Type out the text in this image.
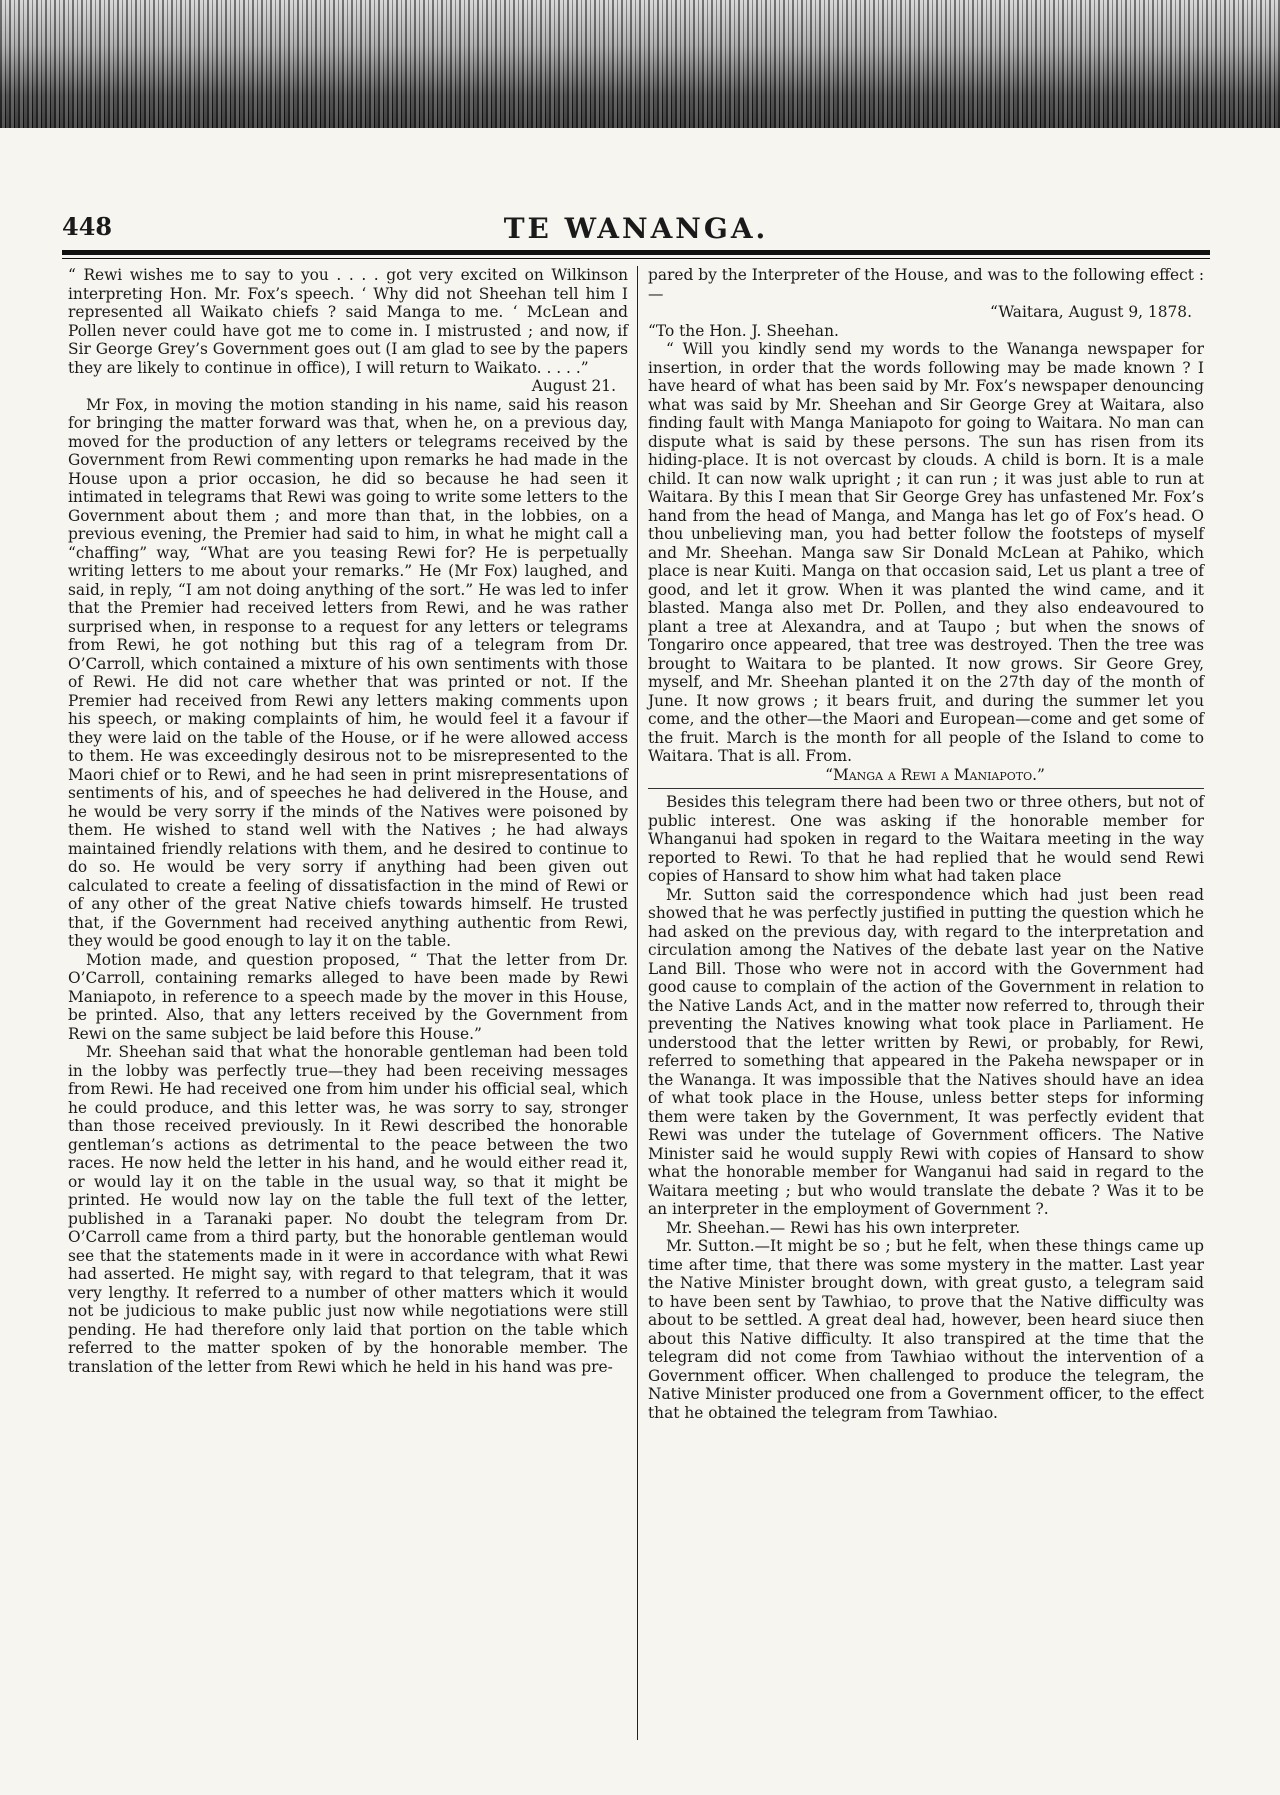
448	TE WANANGA.

“ Rewi wishes me to say to you . . . . got very excited on Wilkinson interpreting Hon. Mr. Fox’s speech. ‘ Why did not Sheehan tell him I represented all Waikato chiefs ? said Manga to me. ‘ McLean and Pollen never could have got me to come in. I mistrusted ; and now, if Sir George Grey’s Government goes out (I am glad to see by the papers they are likely to continue in office), I will return to Waikato. . . . .”

August 21.

Mr Fox, in moving the motion standing in his name, said his reason for bringing the matter forward was that, when he, on a previous day, moved for the production of any letters or telegrams received by the Government from Rewi commenting upon remarks he had made in the House upon a prior occasion, he did so because he had seen it intimated in telegrams that Rewi was going to write some letters to the Government about them ; and more than that, in the lobbies, on a previous evening, the Premier had said to him, in what he might call a “chaffing” way, “What are you teasing Rewi for? He is perpetually writing letters to me about your remarks.” He (Mr Fox) laughed, and said, in reply, “I am not doing anything of the sort.” He was led to infer that the Premier had received letters from Rewi, and he was rather surprised when, in response to a request for any letters or telegrams from Rewi, he got nothing but this rag of a telegram from Dr. O’Carroll, which contained a mixture of his own sentiments with those of Rewi. He did not care whether that was printed or not. If the Premier had received from Rewi any letters making comments upon his speech, or making complaints of him, he would feel it a favour if they were laid on the table of the House, or if he were allowed access to them. He was exceedingly desirous not to be misrepresented to the Maori chief or to Rewi, and he had seen in print misrepresentations of sentiments of his, and of speeches he had delivered in the House, and he would be very sorry if the minds of the Natives were poisoned by them. He wished to stand well with the Natives ; he had always maintained friendly relations with them, and he desired to continue to do so. He would be very sorry if anything had been given out calculated to create a feeling of dissatisfaction in the mind of Rewi or of any other of the great Native chiefs towards himself. He trusted that, if the Government had received anything authentic from Rewi, they would be good enough to lay it on the table.

Motion made, and question proposed, “ That the letter from Dr. O’Carroll, containing remarks alleged to have been made by Rewi Maniapoto, in reference to a speech made by the mover in this House, be printed. Also, that any letters received by the Government from Rewi on the same subject be laid before this House.”

Mr. Sheehan said that what the honorable gentleman had been told in the lobby was perfectly true—they had been receiving messages from Rewi. He had received one from him under his official seal, which he could produce, and this letter was, he was sorry to say, stronger than those received previously. In it Rewi described the honorable gentleman’s actions as detrimental to the peace between the two races. He now held the letter in his hand, and he would either read it, or would lay it on the table in the usual way, so that it might be printed. He would now lay on the table the full text of the letter, published in a Taranaki paper. No doubt the telegram from Dr. O’Carroll came from a third party, but the honorable gentleman would see that the statements made in it were in accordance with what Rewi had asserted. He might say, with regard to that telegram, that it was very lengthy. It referred to a number of other matters which it would not be judicious to make public just now while negotiations were still pending. He had therefore only laid that portion on the table which referred to the matter spoken of by the honorable member. The translation of the letter from Rewi which he held in his hand was pre-

pared by the Interpreter of the House, and was to the following effect :—

“Waitara, August 9, 1878.

“To the Hon. J. Sheehan.

“ Will you kindly send my words to the Wananga newspaper for insertion, in order that the words following may be made known ? I have heard of what has been said by Mr. Fox’s newspaper denouncing what was said by Mr. Sheehan and Sir George Grey at Waitara, also finding fault with Manga Maniapoto for going to Waitara. No man can dispute what is said by these persons. The sun has risen from its hiding-place. It is not overcast by clouds. A child is born. It is a male child. It can now walk upright ; it can run ; it was just able to run at Waitara. By this I mean that Sir George Grey has unfastened Mr. Fox’s hand from the head of Manga, and Manga has let go of Fox’s head. O thou unbelieving man, you had better follow the footsteps of myself and Mr. Sheehan. Manga saw Sir Donald McLean at Pahiko, which place is near Kuiti. Manga on that occasion said, Let us plant a tree of good, and let it grow. When it was planted the wind came, and it blasted. Manga also met Dr. Pollen, and they also endeavoured to plant a tree at Alexandra, and at Taupo ; but when the snows of Tongariro once appeared, that tree was destroyed. Then the tree was brought to Waitara to be planted. It now grows. Sir Geore Grey, myself, and Mr. Sheehan planted it on the 27th day of the month of June. It now grows ; it bears fruit, and during the summer let you come, and the other—the Maori and European—come and get some of the fruit. March is the month for all people of the Island to come to Waitara. That is all. From.

“Manga a Rewi a Maniapoto.”

Besides this telegram there had been two or three others, but not of public interest. One was asking if the honorable member for Whanganui had spoken in regard to the Waitara meeting in the way reported to Rewi. To that he had replied that he would send Rewi copies of Hansard to show him what had taken place

Mr. Sutton said the correspondence which had just been read showed that he was perfectly justified in putting the question which he had asked on the previous day, with regard to the interpretation and circulation among the Natives of the debate last year on the Native Land Bill. Those who were not in accord with the Government had good cause to complain of the action of the Government in relation to the Native Lands Act, and in the matter now referred to, through their preventing the Natives knowing what took place in Parliament. He understood that the letter written by Rewi, or probably, for Rewi, referred to something that appeared in the Pakeha newspaper or in the Wananga. It was impossible that the Natives should have an idea of what took place in the House, unless better steps for informing them were taken by the Government, It was perfectly evident that Rewi was under the tutelage of Government officers. The Native Minister said he would supply Rewi with copies of Hansard to show what the honorable member for Wanganui had said in regard to the Waitara meeting ; but who would translate the debate ? Was it to be an interpreter in the employment of Government ?.

Mr. Sheehan.— Rewi has his own interpreter.

Mr. Sutton.—It might be so ; but he felt, when these things came up time after time, that there was some mystery in the matter. Last year the Native Minister brought down, with great gusto, a telegram said to have been sent by Tawhiao, to prove that the Native difficulty was about to be settled. A great deal had, however, been heard siuce then about this Native difficulty. It also transpired at the time that the telegram did not come from Tawhiao without the intervention of a Government officer. When challenged to produce the telegram, the Native Minister produced one from a Government officer, to the effect that he obtained the telegram from Tawhiao.
